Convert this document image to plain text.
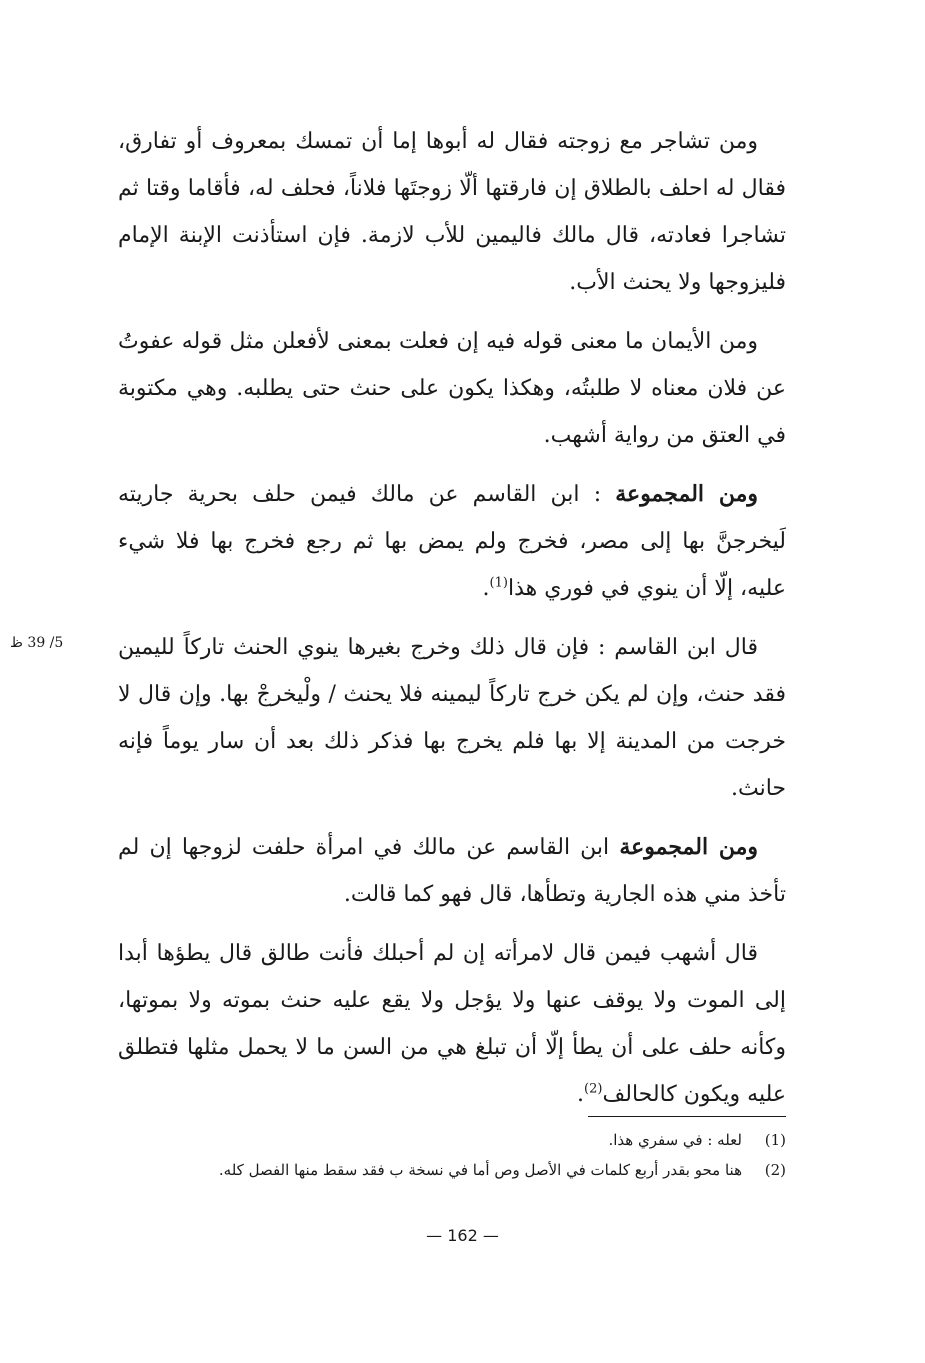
ومن تشاجر مع زوجته فقال له أبوها إما أن تمسك بمعروف أو تفارق، فقال له احلف بالطلاق إن فارقتها ألّا زوجتَها فلاناً، فحلف له، فأقاما وقتا ثم تشاجرا فعادته، قال مالك فاليمين للأب لازمة. فإن استأذنت الإبنة الإمام فليزوجها ولا يحنث الأب.

ومن الأيمان ما معنى قوله فيه إن فعلت بمعنى لأفعلن مثل قوله عفوتُ عن فلان معناه لا طلبتُه، وهكذا يكون على حنث حتى يطلبه. وهي مكتوبة في العتق من رواية أشهب.

ومن المجموعة : ابن القاسم عن مالك فيمن حلف بحرية جاريته لَيخرجنَّ بها إلى مصر، فخرج ولم يمض بها ثم رجع فخرج بها فلا شيء عليه، إلّا أن ينوي في فوري هذا$^{(1)}$.

قال ابن القاسم : فإن قال ذلك وخرج بغيرها ينوي الحنث تاركاً لليمين فقد حنث، وإن لم يكن خرج تاركاً ليمينه فلا يحنث / ولْيخرجْ بها. وإن قال لا خرجت من المدينة إلا بها فلم يخرج بها فذكر ذلك بعد أن سار يوماً فإنه حانث.

ومن المجموعة ابن القاسم عن مالك في امرأة حلفت لزوجها إن لم تأخذ مني هذه الجارية وتطأها، قال فهو كما قالت.

قال أشهب فيمن قال لامرأته إن لم أحبلك فأنت طالق قال يطؤها أبدا إلى الموت ولا يوقف عنها ولا يؤجل ولا يقع عليه حنث بموته ولا بموتها، وكأنه حلف على أن يطأ إلّا أن تبلغ هي من السن ما لا يحمل مثلها فتطلق عليه ويكون كالحالف$^{(2)}$.

5/ 39 ظ
(1)
لعله : في سفري هذا.
(2)
هنا محو بقدر أربع كلمات في الأصل وص أما في نسخة ب فقد سقط منها الفصل كله.
— 162 —
